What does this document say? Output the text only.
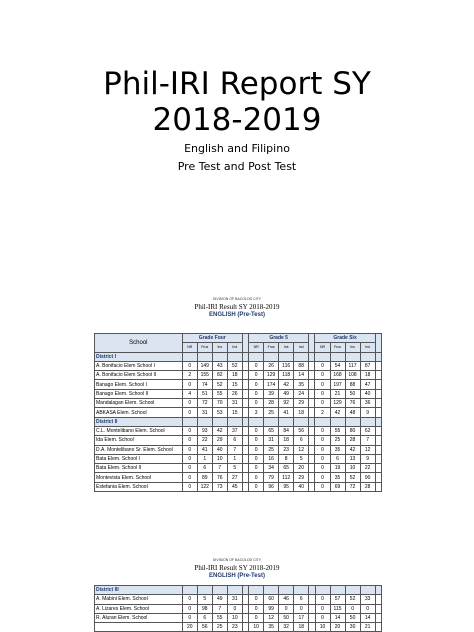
Phil-IRI Report SY
2018-2019
English and Filipino
Pre Test and Post Test
DIVISION OF BACOLOD CITY
Phil-IRI Result SY 2018-2019
ENGLISH (Pre-Test)
School	Grade Four					Grade 5					Grade Six				
	NR	Frus	Ins	Ind		NR	Frus	Ins	Ind		NR	Frus	Ins	Ind	
District I															
A. Bonifacio Elem School I	0	149	43	52		0	26	116	88		0	54	117	87	
A. Bonifacio Elem School II	2	155	82	18		0	129	118	14		0	168	108	18	
Banago Elem. School I	0	74	52	15		0	174	42	35		0	197	88	47	
Banago Elem. School II	4	51	55	26		0	39	49	24		0	21	50	40	
Mandalagan Elem. School	0	72	70	31		0	28	92	29		0	129	76	36	
ABKASA Elem. School	0	31	53	15		3	25	41	18		2	42	48	9	
District II															
C.L. Montelibano Elem. School	0	93	42	37		0	65	84	56		0	55	80	62	
Ida Elem. School	0	22	29	6		0	31	18	6		0	25	28	7	
D.A. Montelibano Sr. Elem. School	0	41	40	7		0	25	23	12		0	35	42	12	
Bata Elem. School I	0	1	10	1		0	16	8	5		0	6	13	9	
Bata Elem. School II	0	6	7	5		0	34	65	20		0	19	10	22	
Montevista Elem. School	0	89	76	27		0	79	112	29		0	35	52	90	
Estefania Elem. School	0	122	73	45		0	96	95	40		0	69	72	28	
DIVISION OF BACOLOD CITY
Phil-IRI Result SY 2018-2019
ENGLISH (Pre-Test)
District III															
A. Mabini Elem. School	0	5	49	31		0	60	46	6		0	57	52	33	
A. Lizares Elem. School	0	98	7	0		0	99	0	0		0	115	0	0	
R. Aluran Elem. School	0	6	55	10		0	12	50	17		0	14	50	14	
	20	56	25	23		10	35	32	18		10	20	30	21	
